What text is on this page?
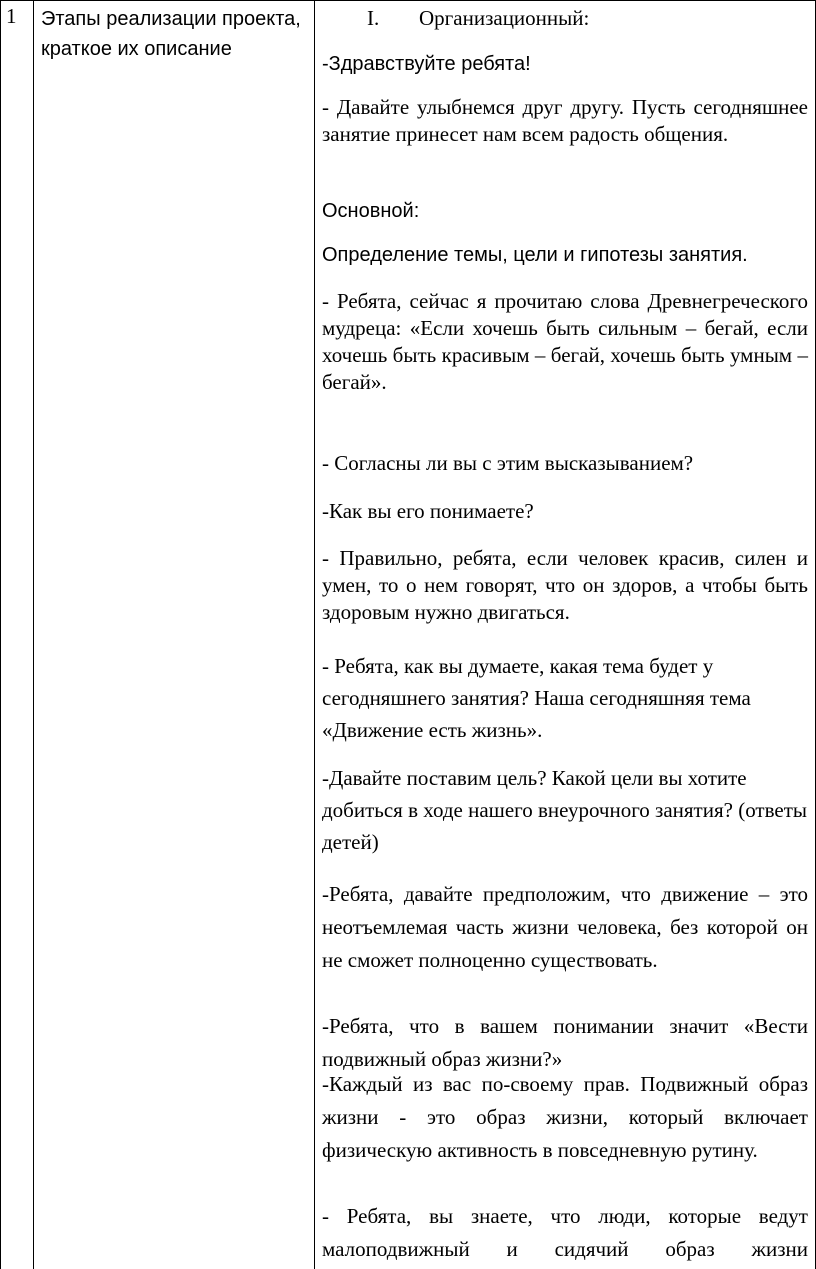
1 Этапы реализации проекта, краткое их описание
I. Организационный:
-Здравствуйте ребята!
- Давайте улыбнемся друг другу. Пусть сегодняшнее занятие принесет нам всем радость общения.
Основной:
Определение темы, цели и гипотезы занятия.
- Ребята, сейчас я прочитаю слова Древнегреческого мудреца: «Если хочешь быть сильным – бегай, если хочешь быть красивым – бегай, хочешь быть умным – бегай».
- Согласны ли вы с этим высказыванием?
-Как вы его понимаете?
- Правильно, ребята, если человек красив, силен и умен, то о нем говорят, что он здоров, а чтобы быть здоровым нужно двигаться.
- Ребята, как вы думаете, какая тема будет у сегодняшнего занятия? Наша сегодняшняя тема «Движение есть жизнь».
-Давайте поставим цель? Какой цели вы хотите добиться в ходе нашего внеурочного занятия? (ответы детей)
-Ребята, давайте предположим, что движение – это неотъемлемая часть жизни человека, без которой он не сможет полноценно существовать.
-Ребята, что в вашем понимании значит «Вести подвижный образ жизни?»
-Каждый из вас по-своему прав. Подвижный образ жизни - это образ жизни, который включает физическую активность в повседневную рутину.
- Ребята, вы знаете, что люди, которые ведут малоподвижный и сидячий образ жизни
